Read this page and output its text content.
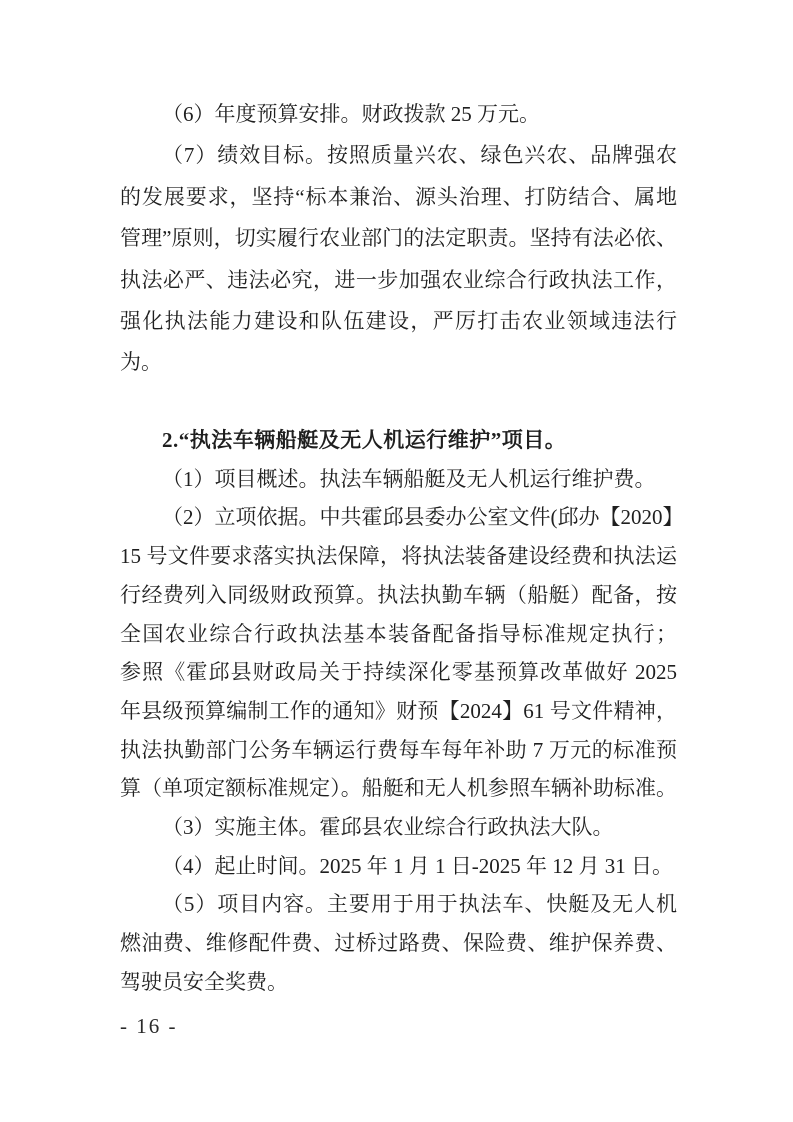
（6）年度预算安排。财政拨款 25 万元。
（7）绩效目标。按照质量兴农、绿色兴农、品牌强农
的发展要求，坚持“标本兼治、源头治理、打防结合、属地
管理”原则，切实履行农业部门的法定职责。坚持有法必依、
执法必严、违法必究，进一步加强农业综合行政执法工作，
强化执法能力建设和队伍建设，严厉打击农业领域违法行
为。
2.“执法车辆船艇及无人机运行维护”项目。
（1）项目概述。执法车辆船艇及无人机运行维护费。
（2）立项依据。中共霍邱县委办公室文件(邱办【2020】
15 号文件要求落实执法保障，将执法装备建设经费和执法运
行经费列入同级财政预算。执法执勤车辆（船艇）配备，按
全国农业综合行政执法基本装备配备指导标准规定执行；
参照《霍邱县财政局关于持续深化零基预算改革做好 2025
年县级预算编制工作的通知》财预【2024】61 号文件精神，
执法执勤部门公务车辆运行费每车每年补助 7 万元的标准预
算（单项定额标准规定）。船艇和无人机参照车辆补助标准。
（3）实施主体。霍邱县农业综合行政执法大队。
（4）起止时间。2025 年 1 月 1 日-2025 年 12 月 31 日。
（5）项目内容。主要用于用于执法车、快艇及无人机
燃油费、维修配件费、过桥过路费、保险费、维护保养费、
驾驶员安全奖费。
- 16 -
